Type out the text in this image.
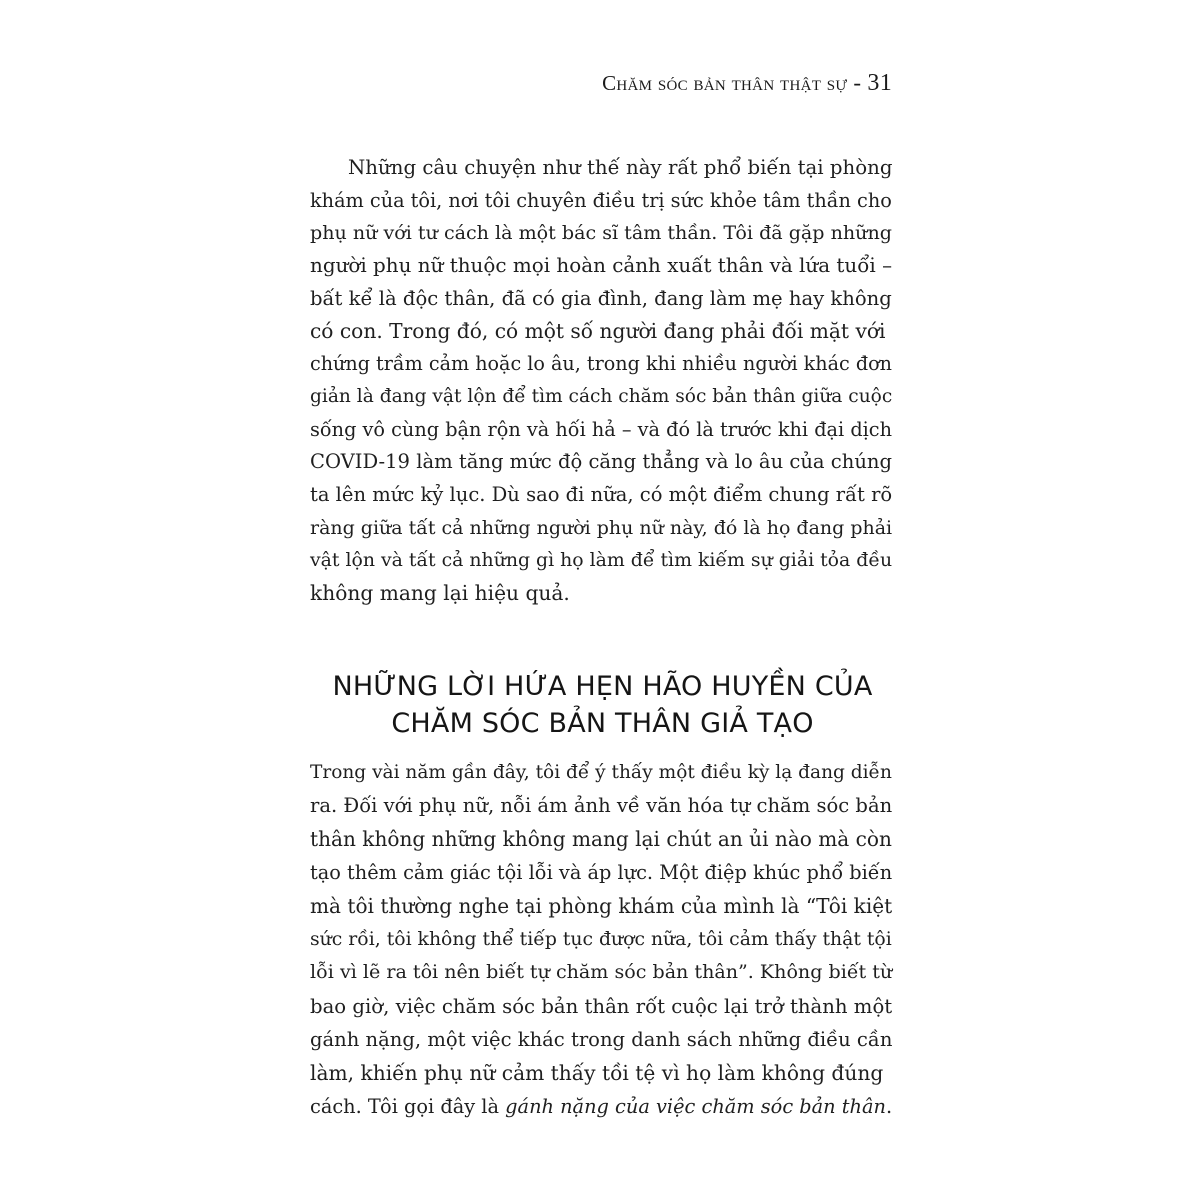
Chăm sóc bản thân thật sự - 31
Những câu chuyện như thế này rất phổ biến tại phòng
khám của tôi, nơi tôi chuyên điều trị sức khỏe tâm thần cho
phụ nữ với tư cách là một bác sĩ tâm thần. Tôi đã gặp những
người phụ nữ thuộc mọi hoàn cảnh xuất thân và lứa tuổi –
bất kể là độc thân, đã có gia đình, đang làm mẹ hay không
có con. Trong đó, có một số người đang phải đối mặt với
chứng trầm cảm hoặc lo âu, trong khi nhiều người khác đơn
giản là đang vật lộn để tìm cách chăm sóc bản thân giữa cuộc
sống vô cùng bận rộn và hối hả – và đó là trước khi đại dịch
COVID-19 làm tăng mức độ căng thẳng và lo âu của chúng
ta lên mức kỷ lục. Dù sao đi nữa, có một điểm chung rất rõ
ràng giữa tất cả những người phụ nữ này, đó là họ đang phải
vật lộn và tất cả những gì họ làm để tìm kiếm sự giải tỏa đều
không mang lại hiệu quả.
NHỮNG LỜI HỨA HẸN HÃO HUYỀN CỦA
CHĂM SÓC BẢN THÂN GIẢ TẠO
Trong vài năm gần đây, tôi để ý thấy một điều kỳ lạ đang diễn
ra. Đối với phụ nữ, nỗi ám ảnh về văn hóa tự chăm sóc bản
thân không những không mang lại chút an ủi nào mà còn
tạo thêm cảm giác tội lỗi và áp lực. Một điệp khúc phổ biến
mà tôi thường nghe tại phòng khám của mình là “Tôi kiệt
sức rồi, tôi không thể tiếp tục được nữa, tôi cảm thấy thật tội
lỗi vì lẽ ra tôi nên biết tự chăm sóc bản thân”. Không biết từ
bao giờ, việc chăm sóc bản thân rốt cuộc lại trở thành một
gánh nặng, một việc khác trong danh sách những điều cần
làm, khiến phụ nữ cảm thấy tồi tệ vì họ làm không đúng
cách. Tôi gọi đây là gánh nặng của việc chăm sóc bản thân.
